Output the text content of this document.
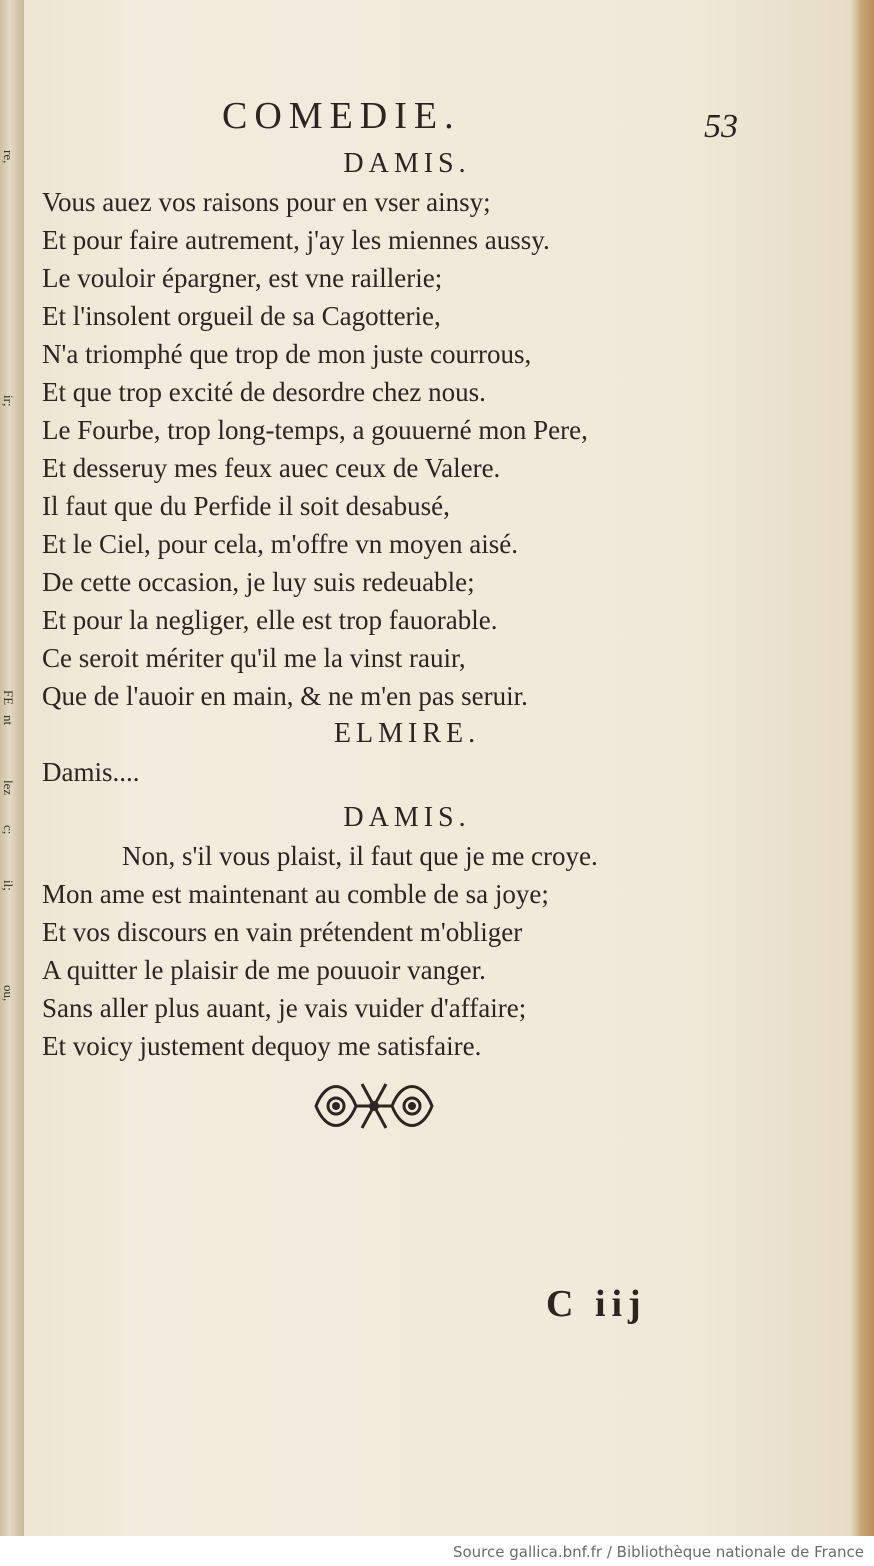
re,
ir;
FE
nt
lez
c;
il;
ou,
COMEDIE.	53
DAMIS.
Vous auez vos raisons pour en vser ainsy;
Et pour faire autrement, j'ay les miennes aussy.
Le vouloir épargner, est vne raillerie;
Et l'insolent orgueil de sa Cagotterie,
N'a triomphé que trop de mon juste courrous,
Et que trop excité de desordre chez nous.
Le Fourbe, trop long-temps, a gouuerné mon Pere,
Et desseruy mes feux auec ceux de Valere.
Il faut que du Perfide il soit desabusé,
Et le Ciel, pour cela, m'offre vn moyen aisé.
De cette occasion, je luy suis redeuable;
Et pour la negliger, elle est trop fauorable.
Ce seroit mériter qu'il me la vinst rauir,
Que de l'auoir en main, & ne m'en pas seruir.
ELMIRE.
Damis....
DAMIS.
Non, s'il vous plaist, il faut que je me croye.
Mon ame est maintenant au comble de sa joye;
Et vos discours en vain prétendent m'obliger
A quitter le plaisir de me pouuoir vanger.
Sans aller plus auant, je vais vuider d'affaire;
Et voicy justement dequoy me satisfaire.
C iij
Source gallica.bnf.fr / Bibliothèque nationale de France
